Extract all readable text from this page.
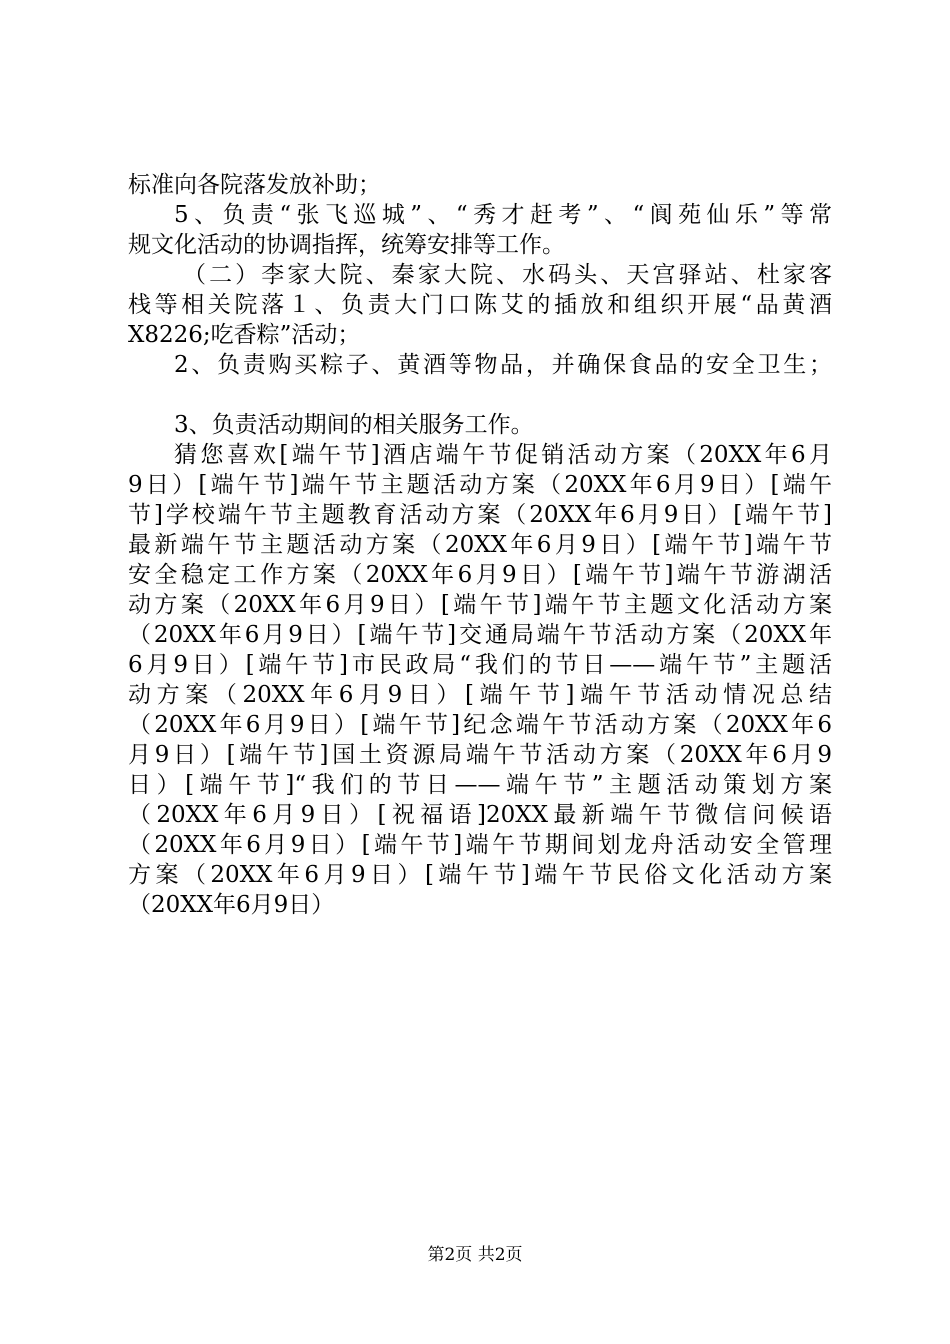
标准向各院落发放补助；
5、负责“张飞巡城”、“秀才赶考”、“阆苑仙乐”等常
规文化活动的协调指挥，统筹安排等工作。
（二）李家大院、秦家大院、水码头、天宫驿站、杜家客
栈等相关院落１、负责大门口陈艾的插放和组织开展“品黄酒
X8226;吃香粽”活动；
2、负责购买粽子、黄酒等物品，并确保食品的安全卫生；
3、负责活动期间的相关服务工作。
猜您喜欢[端午节]酒店端午节促销活动方案（20XX年6月
9日）[端午节]端午节主题活动方案（20XX年6月9日）[端午
节]学校端午节主题教育活动方案（20XX年6月9日）[端午节]
最新端午节主题活动方案（20XX年6月9日）[端午节]端午节
安全稳定工作方案（20XX年6月9日）[端午节]端午节游湖活
动方案（20XX年6月9日）[端午节]端午节主题文化活动方案
（20XX年6月9日）[端午节]交通局端午节活动方案（20XX年
6月9日）[端午节]市民政局“我们的节日——端午节”主题活
动方案（20XX年6月9日）[端午节]端午节活动情况总结
（20XX年6月9日）[端午节]纪念端午节活动方案（20XX年6
月9日）[端午节]国土资源局端午节活动方案（20XX年6月9
日）[端午节]“我们的节日——端午节”主题活动策划方案
（20XX年6月9日）[祝福语]20XX最新端午节微信问候语
（20XX年6月9日）[端午节]端午节期间划龙舟活动安全管理
方案（20XX年6月9日）[端午节]端午节民俗文化活动方案
（20XX年6月9日）
第2页 共2页
